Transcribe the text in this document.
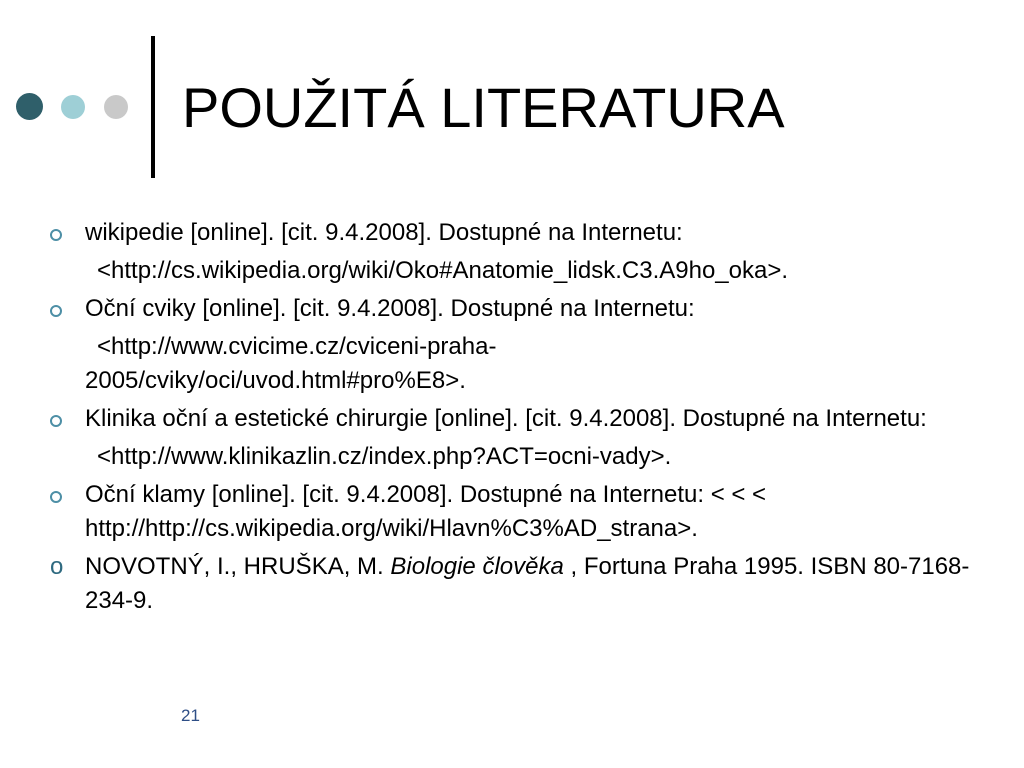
POUŽITÁ LITERATURA
wikipedie [online]. [cit. 9.4.2008]. Dostupné na Internetu:
<http://cs.wikipedia.org/wiki/Oko#Anatomie_lidsk.C3.A9ho_oka>.
Oční cviky [online]. [cit. 9.4.2008]. Dostupné na Internetu:
<http://www.cvicime.cz/cviceni-praha-
2005/cviky/oci/uvod.html#pro%E8>.
Klinika oční a estetické chirurgie [online]. [cit. 9.4.2008]. Dostupné na Internetu:
<http://www.klinikazlin.cz/index.php?ACT=ocni-vady>.
Oční klamy [online]. [cit. 9.4.2008]. Dostupné na Internetu: < < < http://http://cs.wikipedia.org/wiki/Hlavn%C3%AD_strana>.
o NOVOTNÝ, I., HRUŠKA, M. Biologie člověka , Fortuna Praha 1995. ISBN 80-7168-234-9.
21
